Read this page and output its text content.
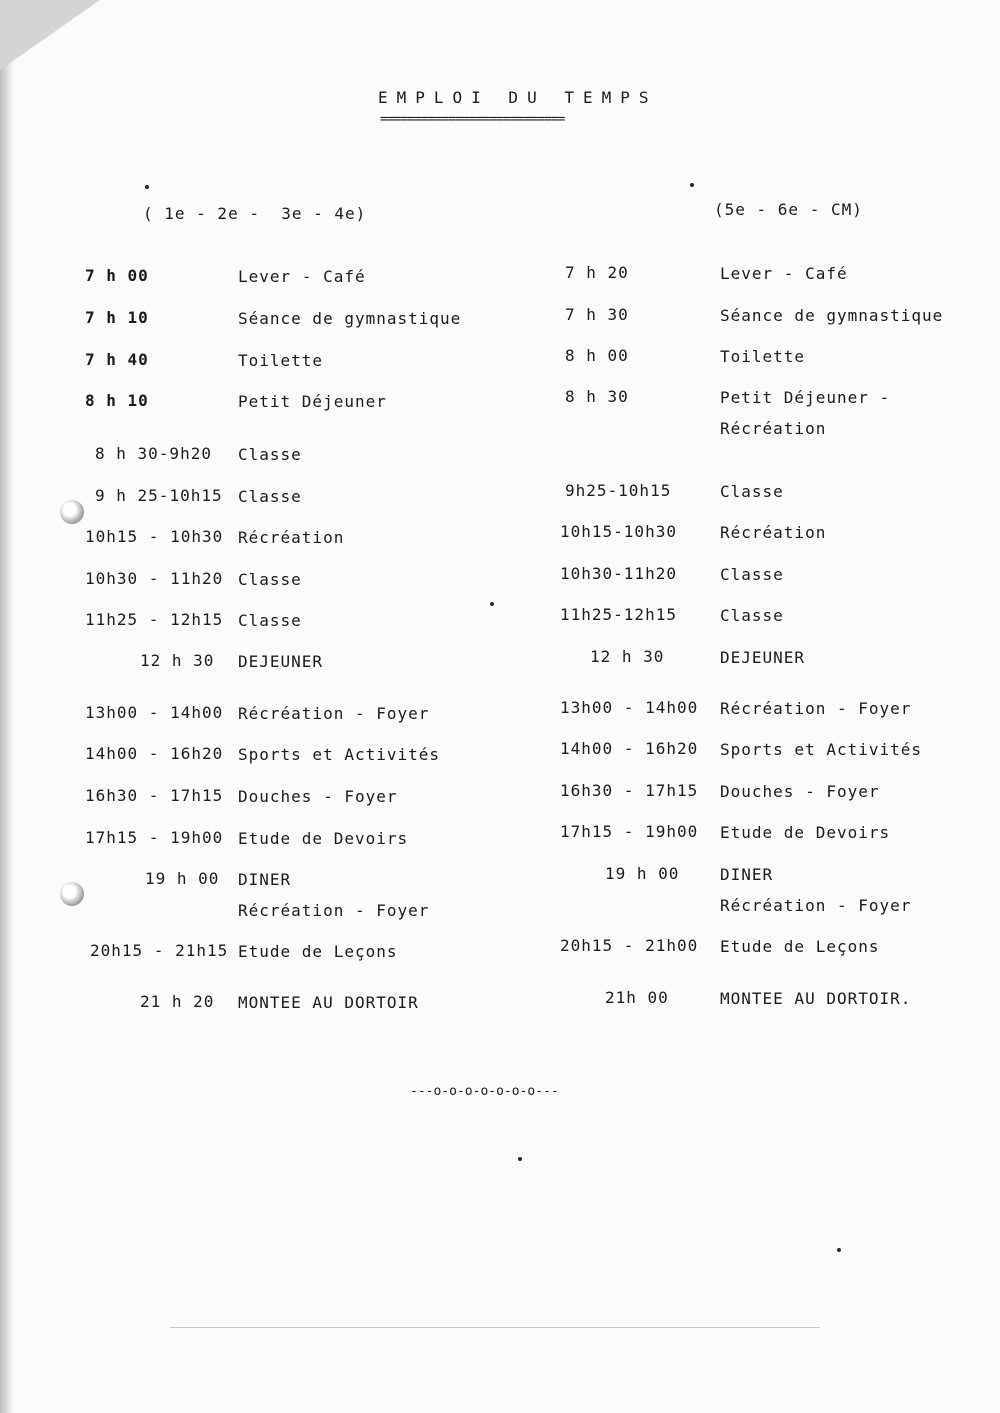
EMPLOI DU TEMPS
===========================
( 1e - 2e -  3e - 4e)	(5e - 6e - CM)
7 h 00	Lever - Café
7 h 10	Séance de gymnastique
7 h 40	Toilette
8 h 10	Petit Déjeuner
8 h 30-9h20 Classe
9 h 25-10h15 Classe
10h15 - 10h30 Récréation
10h30 - 11h20 Classe
11h25 - 12h15 Classe
12 h 30 DEJEUNER
13h00 - 14h00 Récréation - Foyer
14h00 - 16h20 Sports et Activités
16h30 - 17h15 Douches - Foyer
17h15 - 19h00 Etude de Devoirs
19 h 00 DINER
Récréation - Foyer
20h15 - 21h15 Etude de Leçons
21 h 20 MONTEE AU DORTOIR
7 h 20	Lever - Café
7 h 30	Séance de gymnastique
8 h 00	Toilette
8 h 30	Petit Déjeuner -
Récréation
9h25-10h15	Classe
10h15-10h30	Récréation
10h30-11h20	Classe
11h25-12h15	Classe
12 h 30	DEJEUNER
13h00 - 14h00 Récréation - Foyer
14h00 - 16h20 Sports et Activités
16h30 - 17h15 Douches - Foyer
17h15 - 19h00 Etude de Devoirs
19 h 00	DINER
Récréation - Foyer
20h15 - 21h00 Etude de Leçons
21h 00	MONTEE AU DORTOIR.
---o-o-o-o-o-o-o---
